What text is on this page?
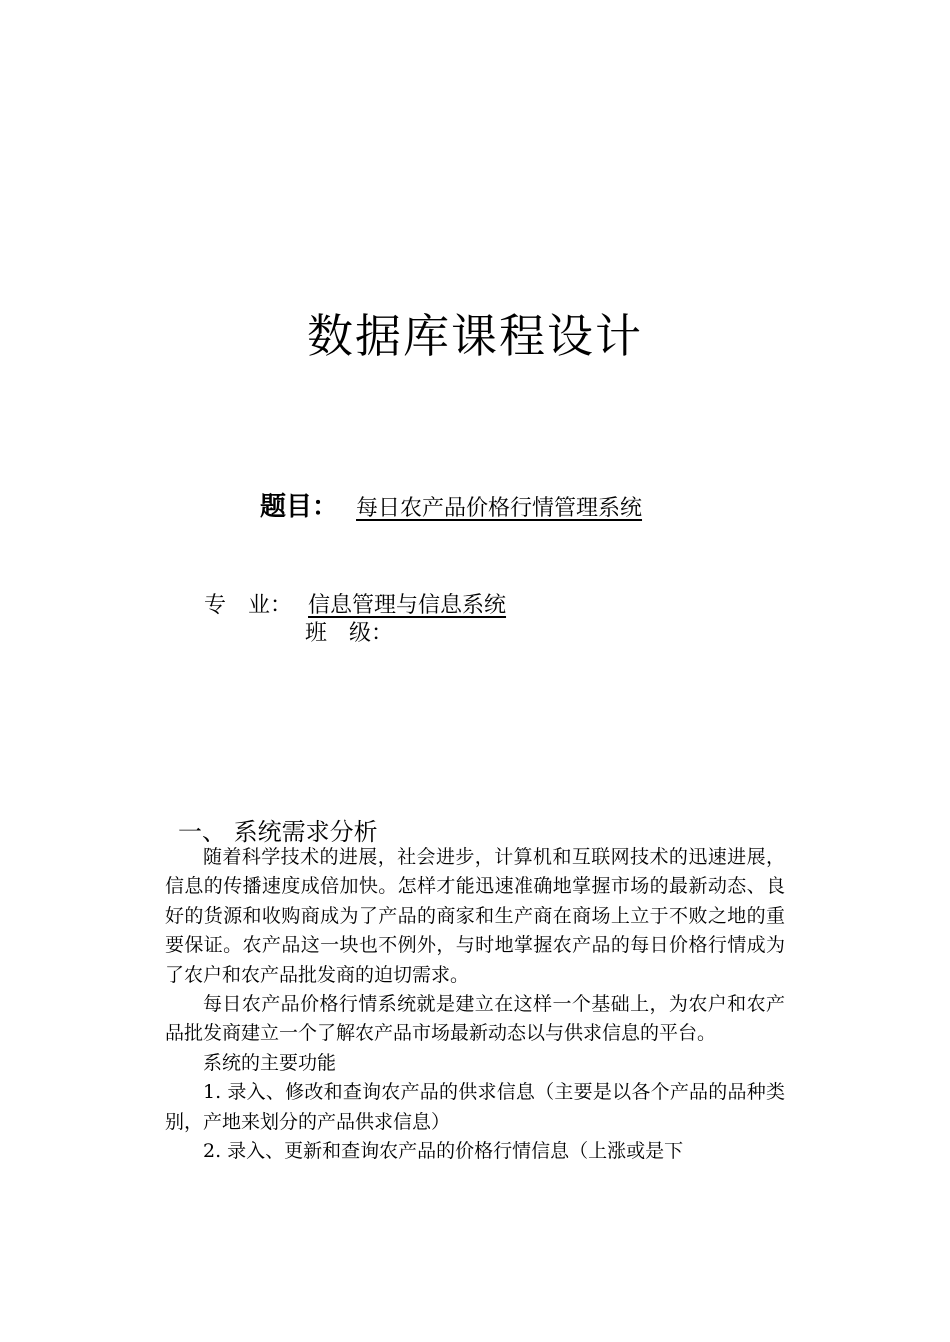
数据库课程设计
题目： 每日农产品价格行情管理系统
专　业： 信息管理与信息系统
班　级：
一、 系统需求分析

随着科学技术的进展，社会进步，计算机和互联网技术的迅速进展，信息的传播速度成倍加快。怎样才能迅速准确地掌握市场的最新动态、良好的货源和收购商成为了产品的商家和生产商在商场上立于不败之地的重要保证。农产品这一块也不例外，与时地掌握农产品的每日价格行情成为了农户和农产品批发商的迫切需求。

每日农产品价格行情系统就是建立在这样一个基础上，为农户和农产品批发商建立一个了解农产品市场最新动态以与供求信息的平台。

系统的主要功能

1. 录入、修改和查询农产品的供求信息（主要是以各个产品的品种类别，产地来划分的产品供求信息）

2. 录入、更新和查询农产品的价格行情信息（上涨或是下
